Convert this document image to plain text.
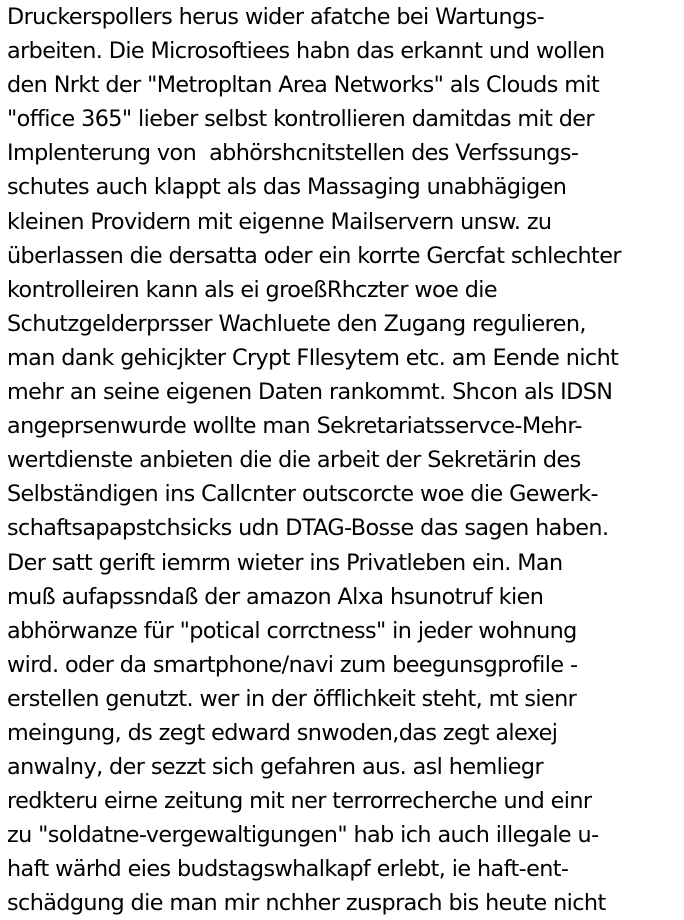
Druckerspollers herus wider afatche bei Wartungs-
arbeiten. Die Microsoftiees habn das erkannt und wollen
den Nrkt der "Metropltan Area Networks" als Clouds mit
"office 365" lieber selbst kontrollieren damitdas mit der
Implenterung von  abhörshcnitstellen des Verfssungs-
schutes auch klappt als das Massaging unabhägigen
kleinen Providern mit eigenne Mailservern unsw. zu
überlassen die dersatta oder ein korrte Gercfat schlechter
kontrolleiren kann als ei groeßRhczter woe die
Schutzgelderprsser Wachluete den Zugang regulieren,
man dank gehicjkter Crypt FIlesytem etc. am Eende nicht
mehr an seine eigenen Daten rankommt. Shcon als IDSN
angeprsenwurde wollte man Sekretariatsservce-Mehr-
wertdienste anbieten die die arbeit der Sekretärin des
Selbständigen ins Callcnter outscorcte woe die Gewerk-
schaftsapapstchsicks udn DTAG-Bosse das sagen haben.
Der satt gerift iemrm wieter ins Privatleben ein. Man
muß aufapssndaß der amazon Alxa hsunotruf kien
abhörwanze für "potical corrctness" in jeder wohnung
wird. oder da smartphone/navi zum beegunsgprofile -
erstellen genutzt. wer in der öfflichkeit steht, mt sienr
meingung, ds zegt edward snwoden,das zegt alexej
anwalny, der sezzt sich gefahren aus. asl hemliegr
redkteru eirne zeitung mit ner terrorrecherche und einr
zu "soldatne-vergewaltigungen" hab ich auch illegale u-
haft wärhd eies budstagswhalkapf erlebt, ie haft-ent-
schädgung die man mir nchher zusprach bis heute nicht
